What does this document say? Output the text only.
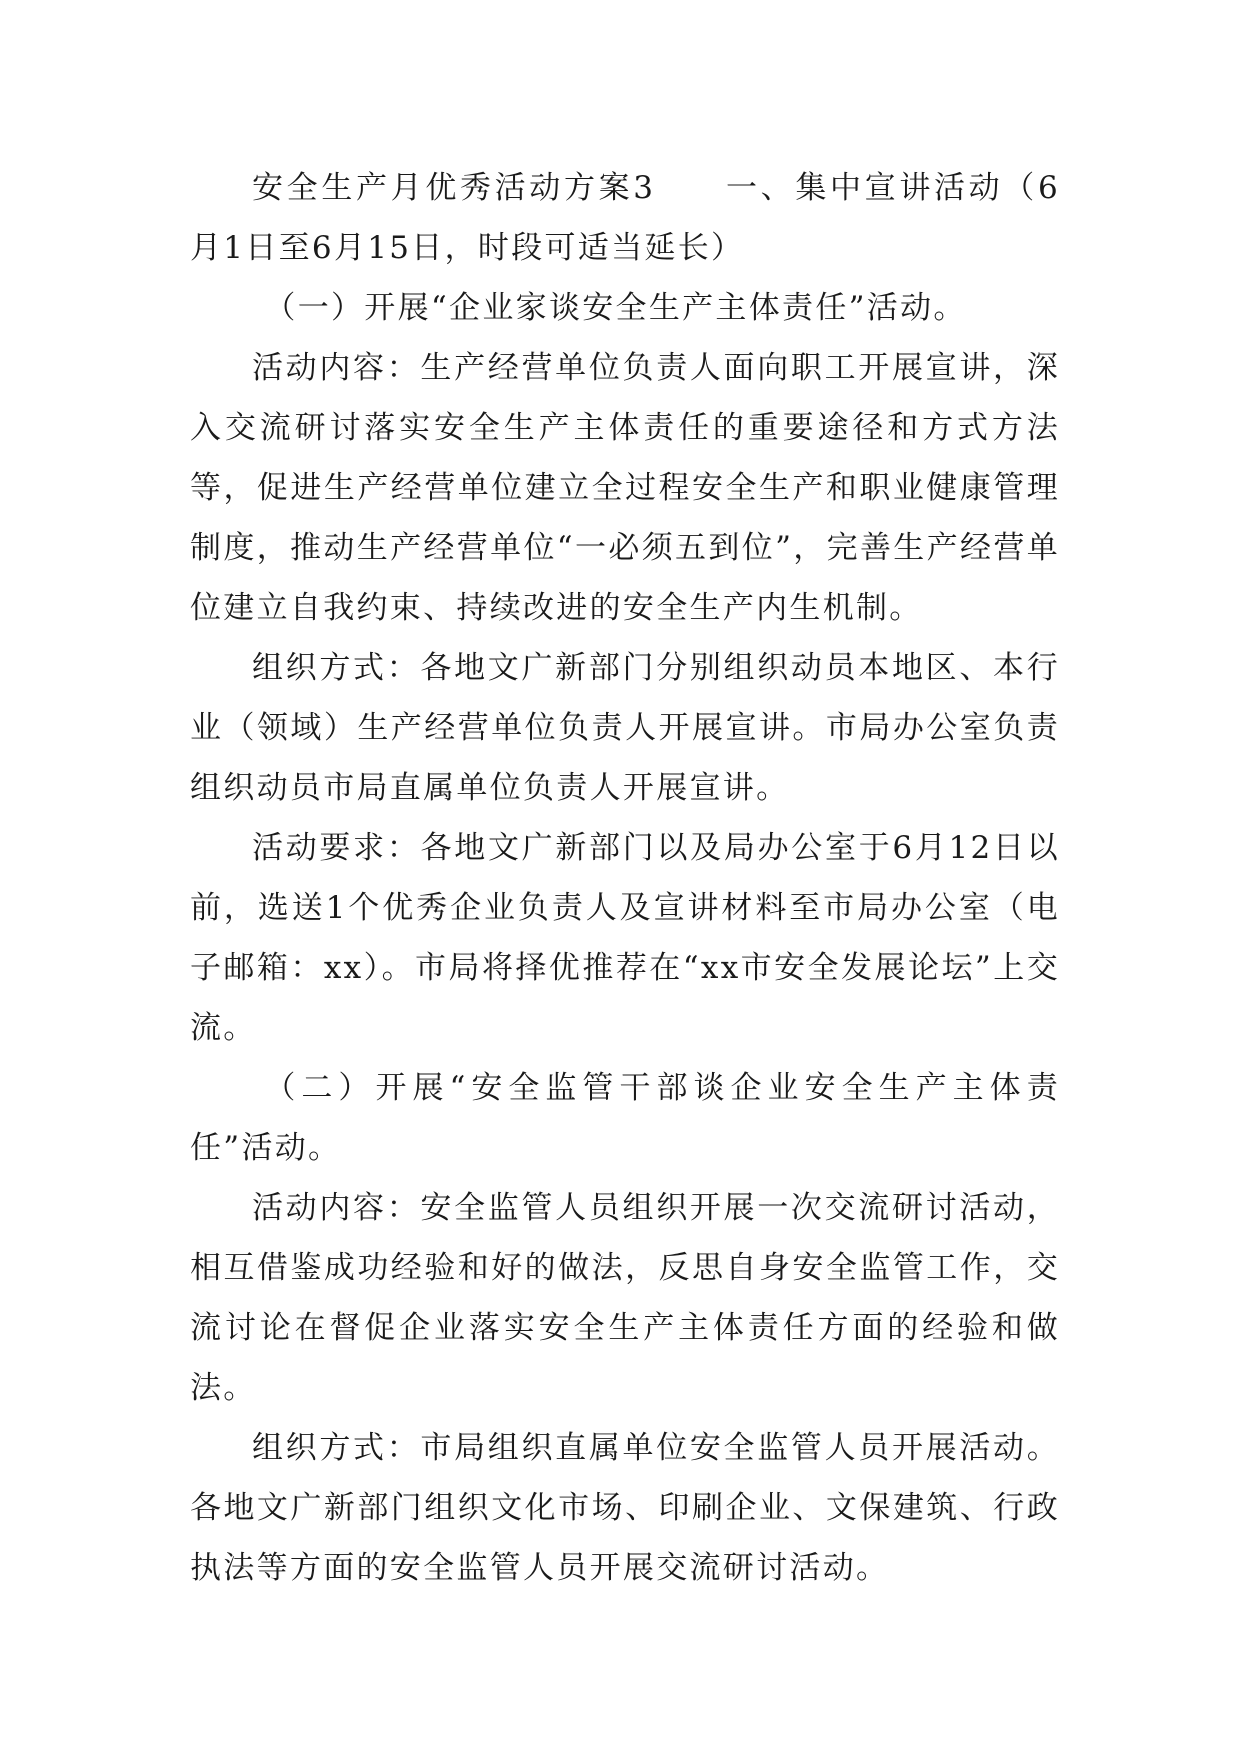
安全生产月优秀活动方案3　　一、集中宣讲活动（6月1日至6月15日，时段可适当延长）

（一）开展“企业家谈安全生产主体责任”活动。

活动内容：生产经营单位负责人面向职工开展宣讲，深入交流研讨落实安全生产主体责任的重要途径和方式方法等，促进生产经营单位建立全过程安全生产和职业健康管理制度，推动生产经营单位“一必须五到位”，完善生产经营单位建立自我约束、持续改进的安全生产内生机制。

组织方式：各地文广新部门分别组织动员本地区、本行业（领域）生产经营单位负责人开展宣讲。市局办公室负责组织动员市局直属单位负责人开展宣讲。

活动要求：各地文广新部门以及局办公室于6月12日以前，选送1个优秀企业负责人及宣讲材料至市局办公室（电子邮箱：xx）。市局将择优推荐在“xx市安全发展论坛”上交流。

（二）开展“安全监管干部谈企业安全生产主体责任”活动。

活动内容：安全监管人员组织开展一次交流研讨活动，相互借鉴成功经验和好的做法，反思自身安全监管工作，交流讨论在督促企业落实安全生产主体责任方面的经验和做法。

组织方式：市局组织直属单位安全监管人员开展活动。各地文广新部门组织文化市场、印刷企业、文保建筑、行政执法等方面的安全监管人员开展交流研讨活动。
